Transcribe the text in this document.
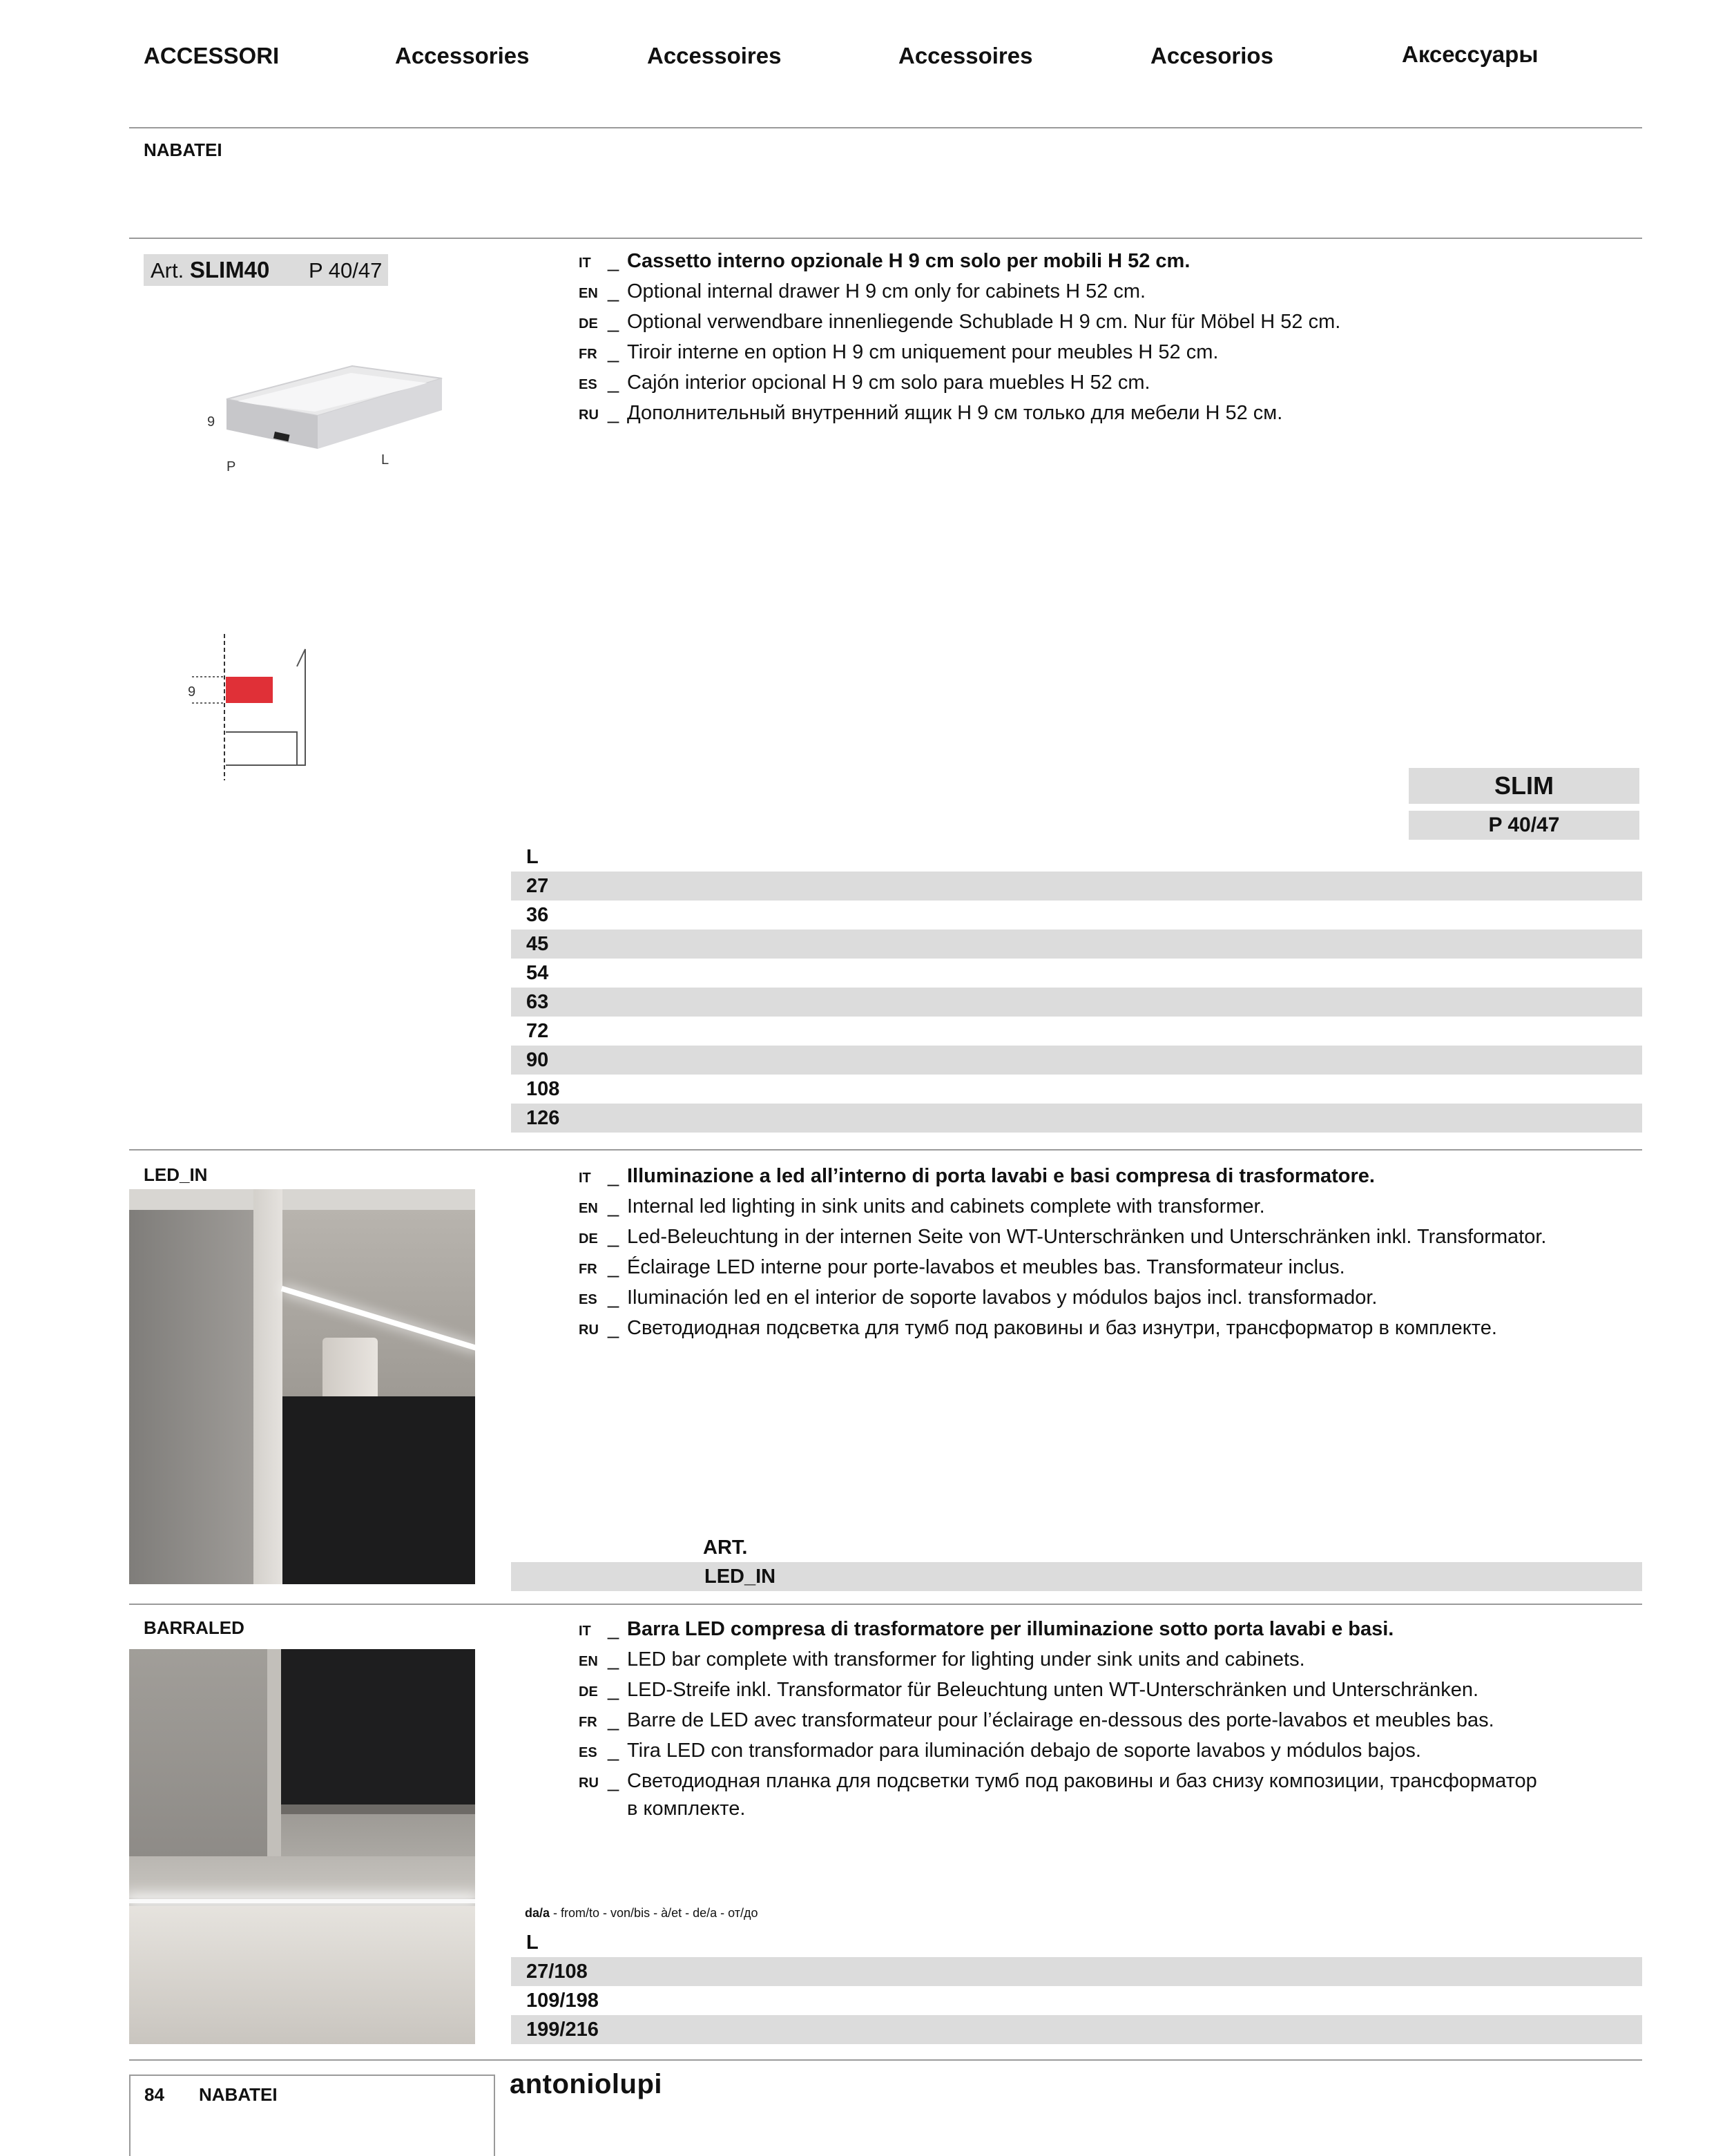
ACCESSORI	Accessories	Accessoires	Accessoires	Accesorios	Аксессуары
NABATEI
Art. SLIM40 P 40/47
9
P	L
9
IT _ Cassetto interno opzionale H 9 cm solo per mobili H 52 cm.
EN _ Optional internal drawer H 9 cm only for cabinets H 52 cm.
DE _ Optional verwendbare innenliegende Schublade H 9 cm. Nur für Möbel H 52 cm.
FR _ Tiroir interne en option H 9 cm uniquement pour meubles H 52 cm.
ES _ Cajón interior opcional H 9 cm solo para muebles H 52 cm.
RU _ Дополнительный внутренний ящик H 9 см только для мебели H 52 см.
SLIM
P 40/47
L
27
36
45
54
63
72
90
108
126
LED_IN	IT _ Illuminazione a led all’interno di porta lavabi e basi compresa di trasformatore.
EN _ Internal led lighting in sink units and cabinets complete with transformer.
DE _ Led-Beleuchtung in der internen Seite von WT-Unterschränken und Unterschränken inkl. Transformator.
FR _ Éclairage LED interne pour porte-lavabos et meubles bas. Transformateur inclus.
ES _ Iluminación led en el interior de soporte lavabos y módulos bajos incl. transformador.
RU _ Светодиодная подсветка для тумб под раковины и баз изнутри, трансформатор в комплекте.
ART.
LED_IN
BARRALED	IT _ Barra LED compresa di trasformatore per illuminazione sotto porta lavabi e basi.
EN _ LED bar complete with transformer for lighting under sink units and cabinets.
DE _ LED-Streife inkl. Transformator für Beleuchtung unten WT-Unterschränken und Unterschränken.
FR _ Barre de LED avec transformateur pour l’éclairage en-dessous des porte-lavabos et meubles bas.
ES _ Tira LED con transformador para iluminación debajo de soporte lavabos y módulos bajos.
RU _ Светодиодная планка для подсветки тумб под раковины и баз снизу композиции, трансформатор
в комплекте.
da/a - from/to - von/bis - à/et - de/a - от/до
L
27/108
109/198
199/216
84 NABATEI	antoniolupi
